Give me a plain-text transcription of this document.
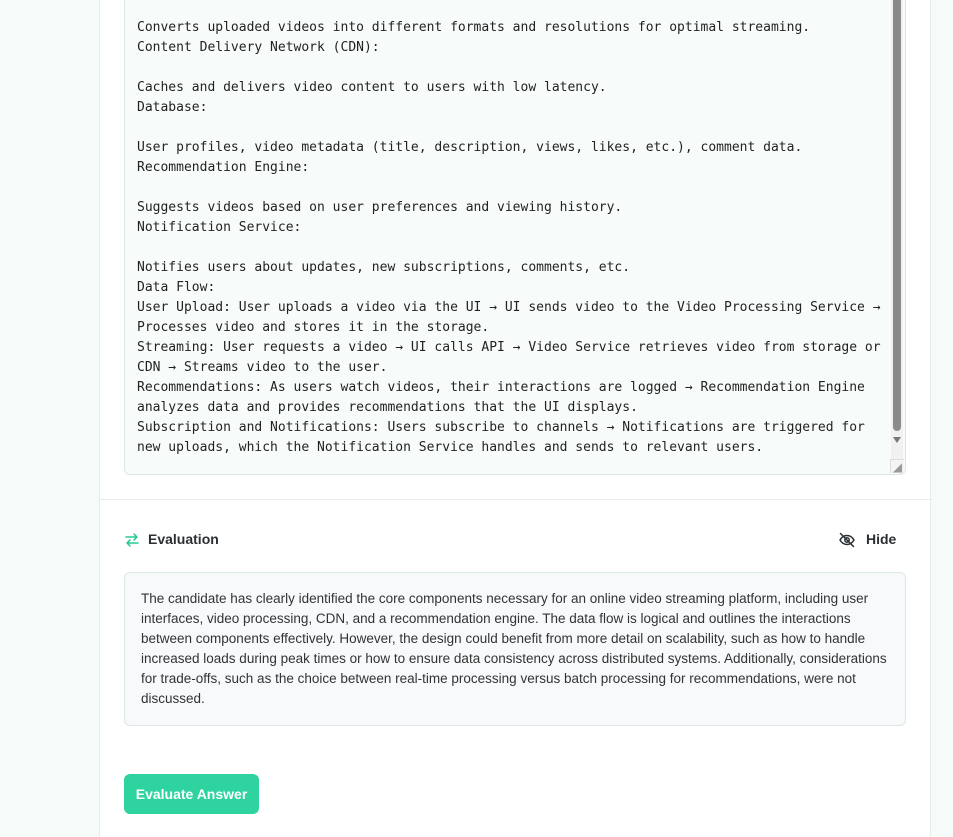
Converts uploaded videos into different formats and resolutions for optimal streaming.
Content Delivery Network (CDN):

Caches and delivers video content to users with low latency.
Database:

User profiles, video metadata (title, description, views, likes, etc.), comment data.
Recommendation Engine:

Suggests videos based on user preferences and viewing history.
Notification Service:

Notifies users about updates, new subscriptions, comments, etc.
Data Flow:
User Upload: User uploads a video via the UI → UI sends video to the Video Processing Service → Processes video and stores it in the storage.
Streaming: User requests a video → UI calls API → Video Service retrieves video from storage or CDN → Streams video to the user.
Recommendations: As users watch videos, their interactions are logged → Recommendation Engine analyzes data and provides recommendations that the UI displays.
Subscription and Notifications: Users subscribe to channels → Notifications are triggered for new uploads, which the Notification Service handles and sends to relevant users.
◢
Evaluation	Hide

The candidate has clearly identified the core components necessary for an online video streaming platform, including user interfaces, video processing, CDN, and a recommendation engine. The data flow is logical and outlines the interactions between components effectively. However, the design could benefit from more detail on scalability, such as how to handle increased loads during peak times or how to ensure data consistency across distributed systems. Additionally, considerations for trade-offs, such as the choice between real-time processing versus batch processing for recommendations, were not discussed.

Evaluate Answer
